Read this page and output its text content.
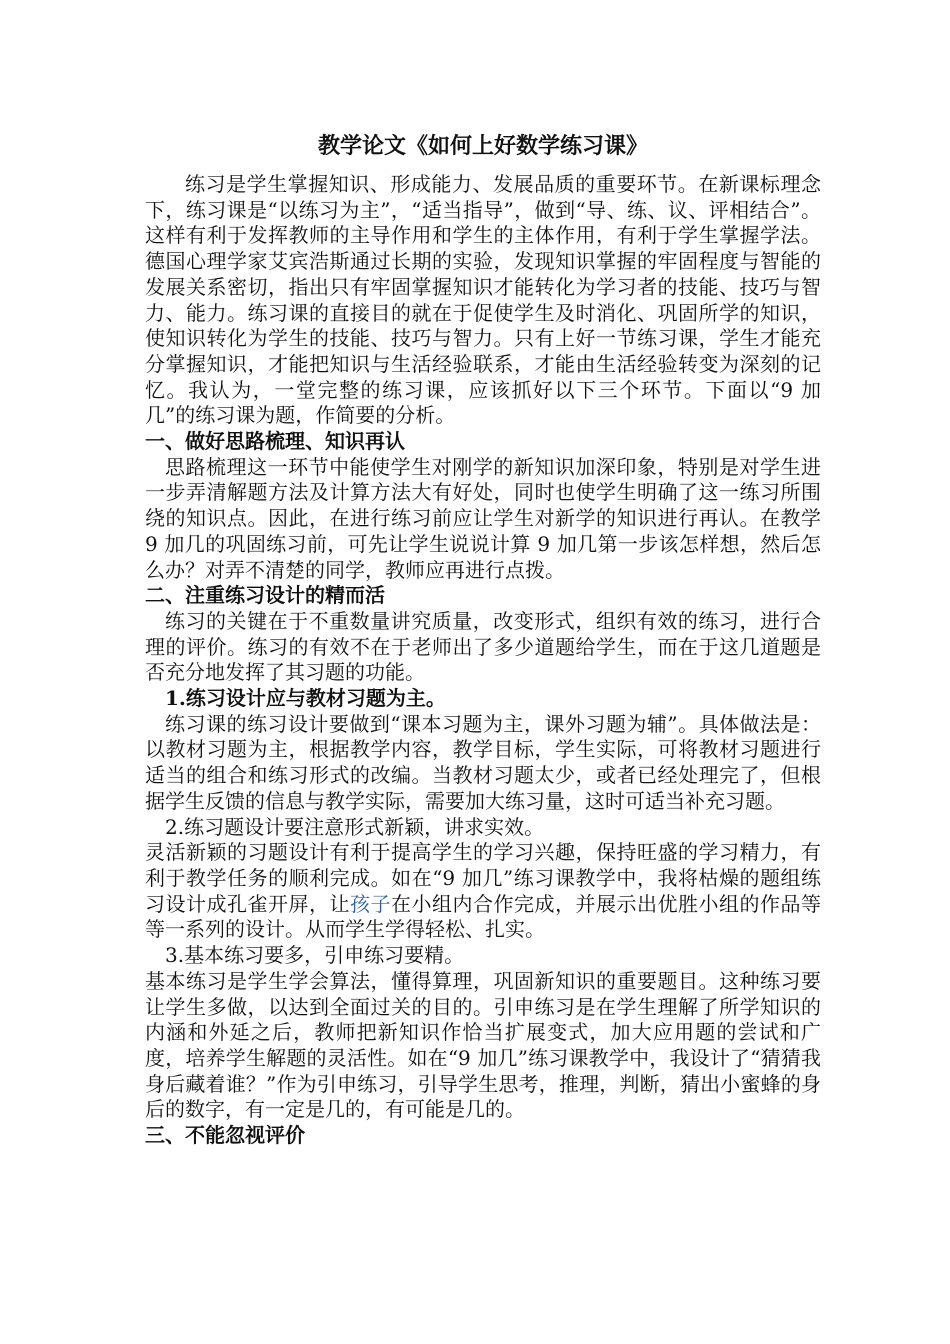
教学论文《如何上好数学练习课》

练习是学生掌握知识、形成能力、发展品质的重要环节。在新课标理念下，练习课是“以练习为主”，“适当指导”，做到“导、练、议、评相结合”。这样有利于发挥教师的主导作用和学生的主体作用，有利于学生掌握学法。德国心理学家艾宾浩斯通过长期的实验，发现知识掌握的牢固程度与智能的发展关系密切，指出只有牢固掌握知识才能转化为学习者的技能、技巧与智力、能力。练习课的直接目的就在于促使学生及时消化、巩固所学的知识，使知识转化为学生的技能、技巧与智力。只有上好一节练习课，学生才能充分掌握知识，才能把知识与生活经验联系，才能由生活经验转变为深刻的记忆。我认为，一堂完整的练习课，应该抓好以下三个环节。下面以“9 加几”的练习课为题，作简要的分析。

一、做好思路梳理、知识再认

思路梳理这一环节中能使学生对刚学的新知识加深印象，特别是对学生进一步弄清解题方法及计算方法大有好处，同时也使学生明确了这一练习所围绕的知识点。因此，在进行练习前应让学生对新学的知识进行再认。在教学 9 加几的巩固练习前，可先让学生说说计算 9 加几第一步该怎样想，然后怎么办？对弄不清楚的同学，教师应再进行点拨。

二、注重练习设计的精而活

练习的关键在于不重数量讲究质量，改变形式，组织有效的练习，进行合理的评价。练习的有效不在于老师出了多少道题给学生，而在于这几道题是否充分地发挥了其习题的功能。

1.练习设计应与教材习题为主。

练习课的练习设计要做到“课本习题为主，课外习题为辅”。具体做法是：以教材习题为主，根据教学内容，教学目标，学生实际，可将教材习题进行适当的组合和练习形式的改编。当教材习题太少，或者已经处理完了，但根据学生反馈的信息与教学实际，需要加大练习量，这时可适当补充习题。

2.练习题设计要注意形式新颖，讲求实效。

灵活新颖的习题设计有利于提高学生的学习兴趣，保持旺盛的学习精力，有利于教学任务的顺利完成。如在“9 加几”练习课教学中，我将枯燥的题组练习设计成孔雀开屏，让孩子在小组内合作完成，并展示出优胜小组的作品等等一系列的设计。从而学生学得轻松、扎实。

3.基本练习要多，引申练习要精。

基本练习是学生学会算法，懂得算理，巩固新知识的重要题目。这种练习要让学生多做，以达到全面过关的目的。引申练习是在学生理解了所学知识的内涵和外延之后，教师把新知识作恰当扩展变式，加大应用题的尝试和广度，培养学生解题的灵活性。如在“9 加几”练习课教学中，我设计了“猜猜我身后藏着谁？”作为引申练习，引导学生思考，推理，判断，猜出小蜜蜂的身后的数字，有一定是几的，有可能是几的。

三、不能忽视评价
